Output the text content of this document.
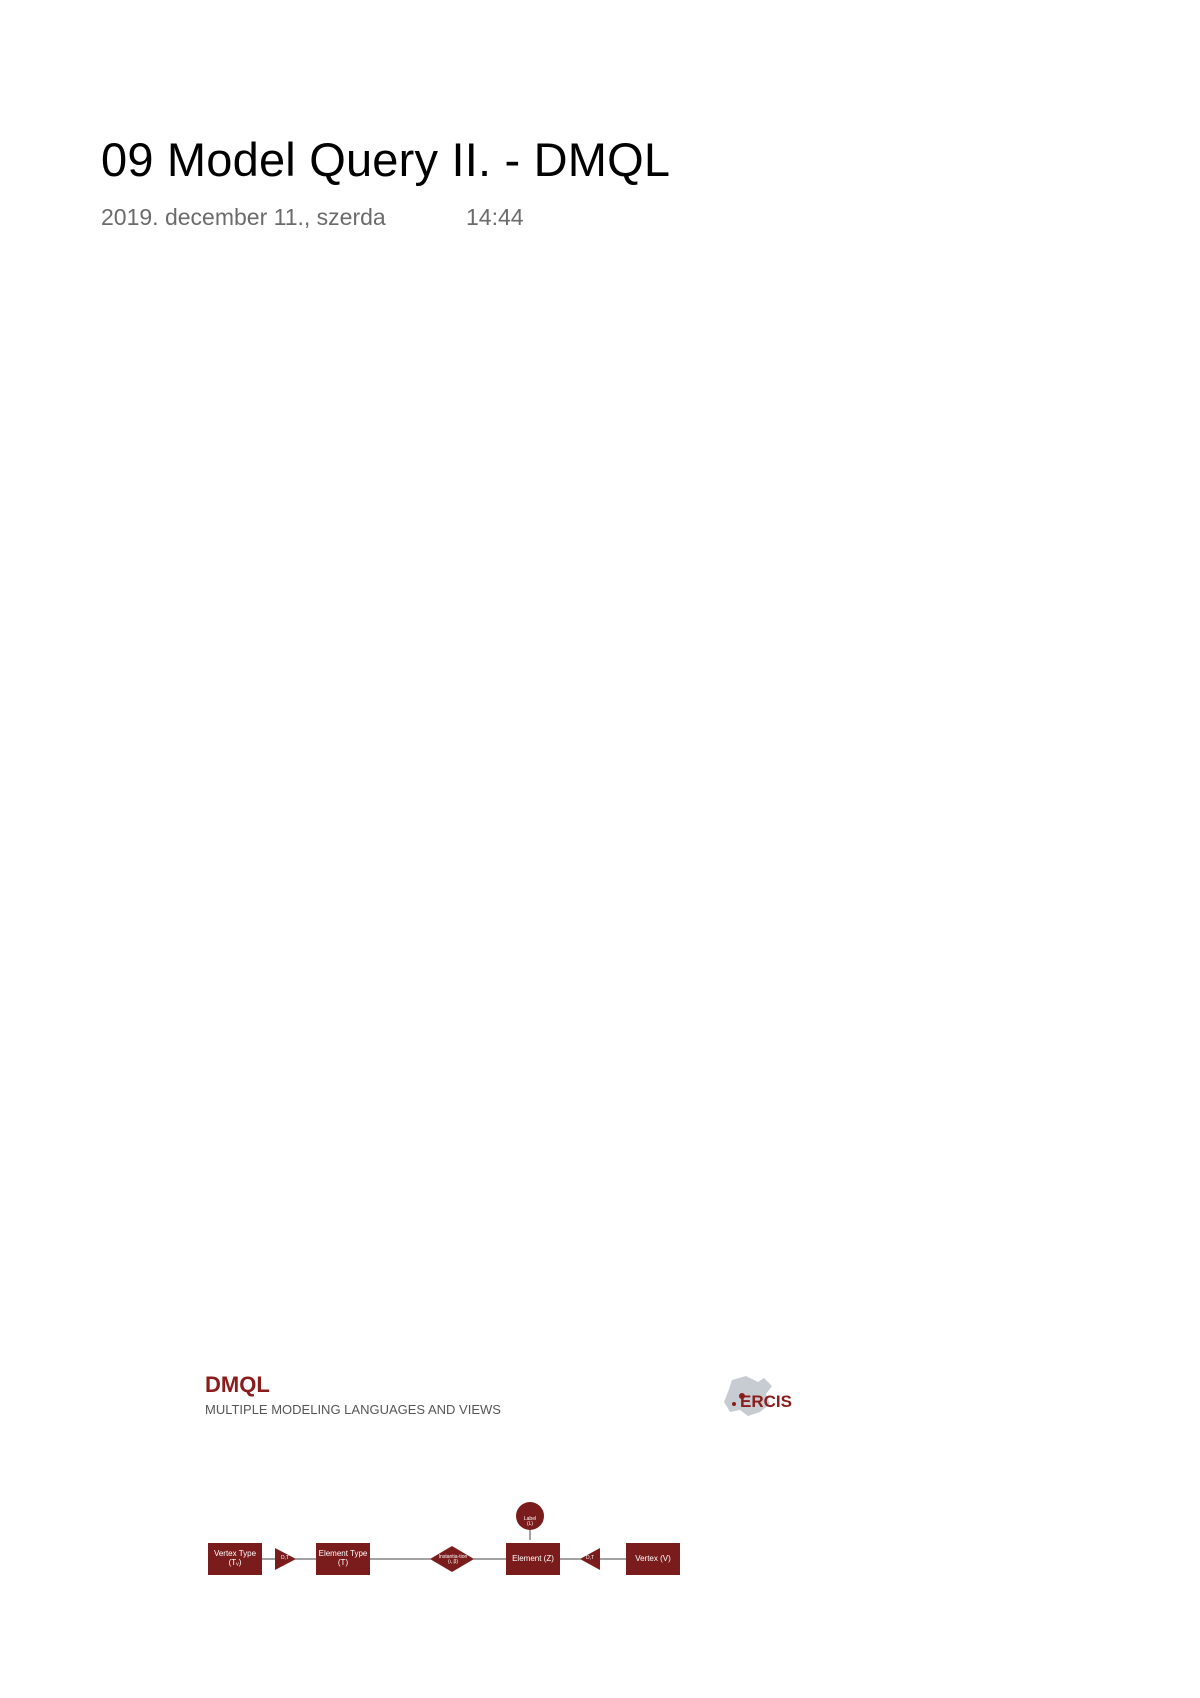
09 Model Query II. - DMQL
2019. december 11., szerda	14:44
DMQL
MULTIPLE MODELING LANGUAGES AND VIEWS	ERCIS
Label (L)
Vertex Type (Tᵥ)	D,T
Element Type (T)
Instantia-tion (ι, β)	Element (Z)	D,T	Vertex (V)
